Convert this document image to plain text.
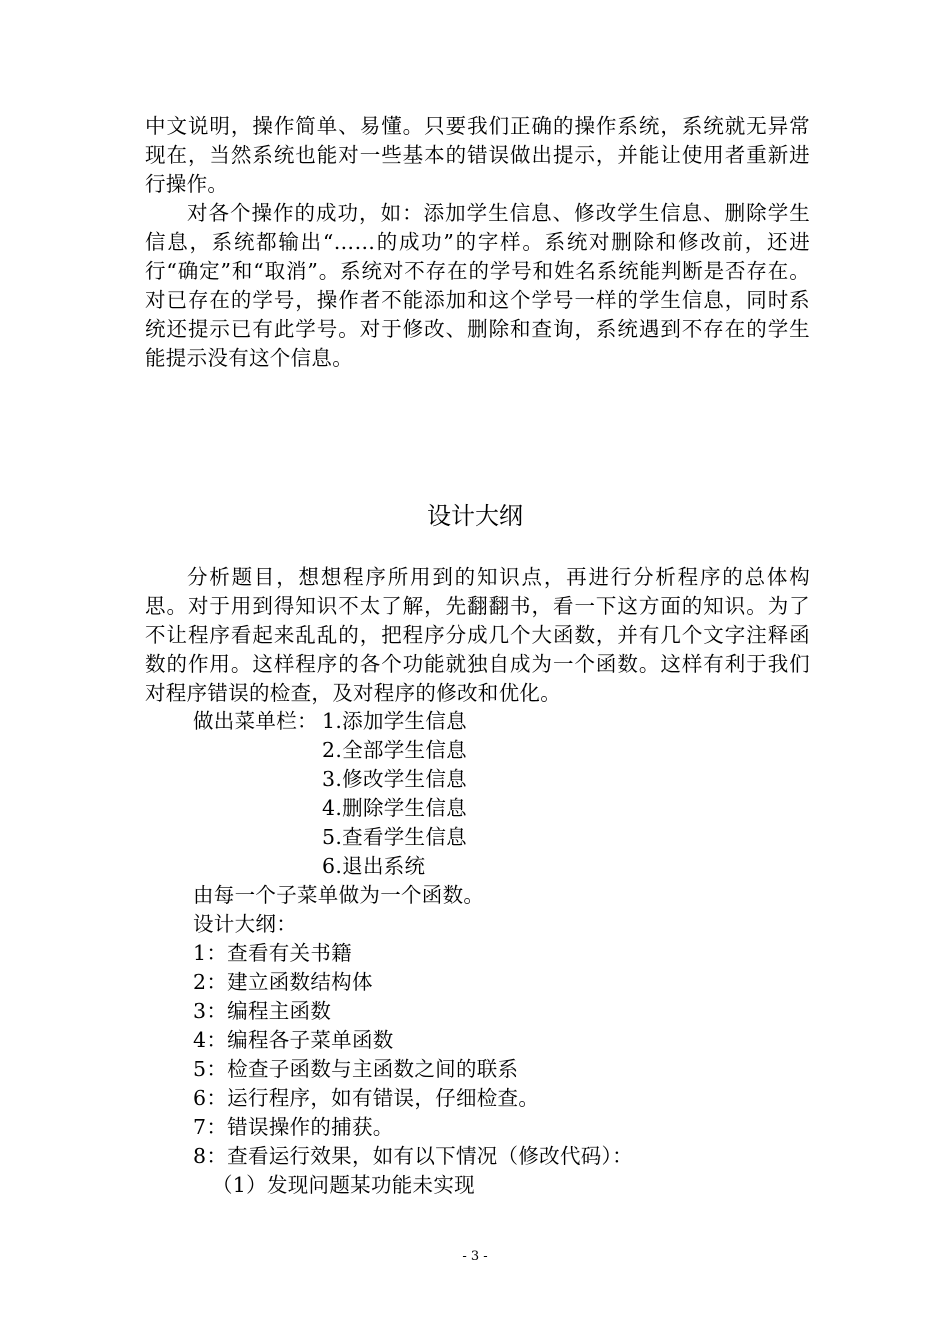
中文说明，操作简单、易懂。只要我们正确的操作系统，系统就无异常现在，当然系统也能对一些基本的错误做出提示，并能让使用者重新进行操作。

对各个操作的成功，如：添加学生信息、修改学生信息、删除学生信息，系统都输出“……的成功”的字样。系统对删除和修改前，还进行“确定”和“取消”。系统对不存在的学号和姓名系统能判断是否存在。对已存在的学号，操作者不能添加和这个学号一样的学生信息，同时系统还提示已有此学号。对于修改、删除和查询，系统遇到不存在的学生能提示没有这个信息。

设计大纲

分析题目，想想程序所用到的知识点，再进行分析程序的总体构思。对于用到得知识不太了解，先翻翻书，看一下这方面的知识。为了不让程序看起来乱乱的，把程序分成几个大函数，并有几个文字注释函数的作用。这样程序的各个功能就独自成为一个函数。这样有利于我们对程序错误的检查，及对程序的修改和优化。

做出菜单栏： 1.添加学生信息

2.全部学生信息

3.修改学生信息

4.删除学生信息

5.查看学生信息

6.退出系统

由每一个子菜单做为一个函数。

设计大纲：

1：查看有关书籍

2：建立函数结构体

3：编程主函数

4：编程各子菜单函数

5：检查子函数与主函数之间的联系

6：运行程序，如有错误，仔细检查。

7：错误操作的捕获。

8：查看运行效果，如有以下情况（修改代码）：

（1）发现问题某功能未实现

- 3 -
